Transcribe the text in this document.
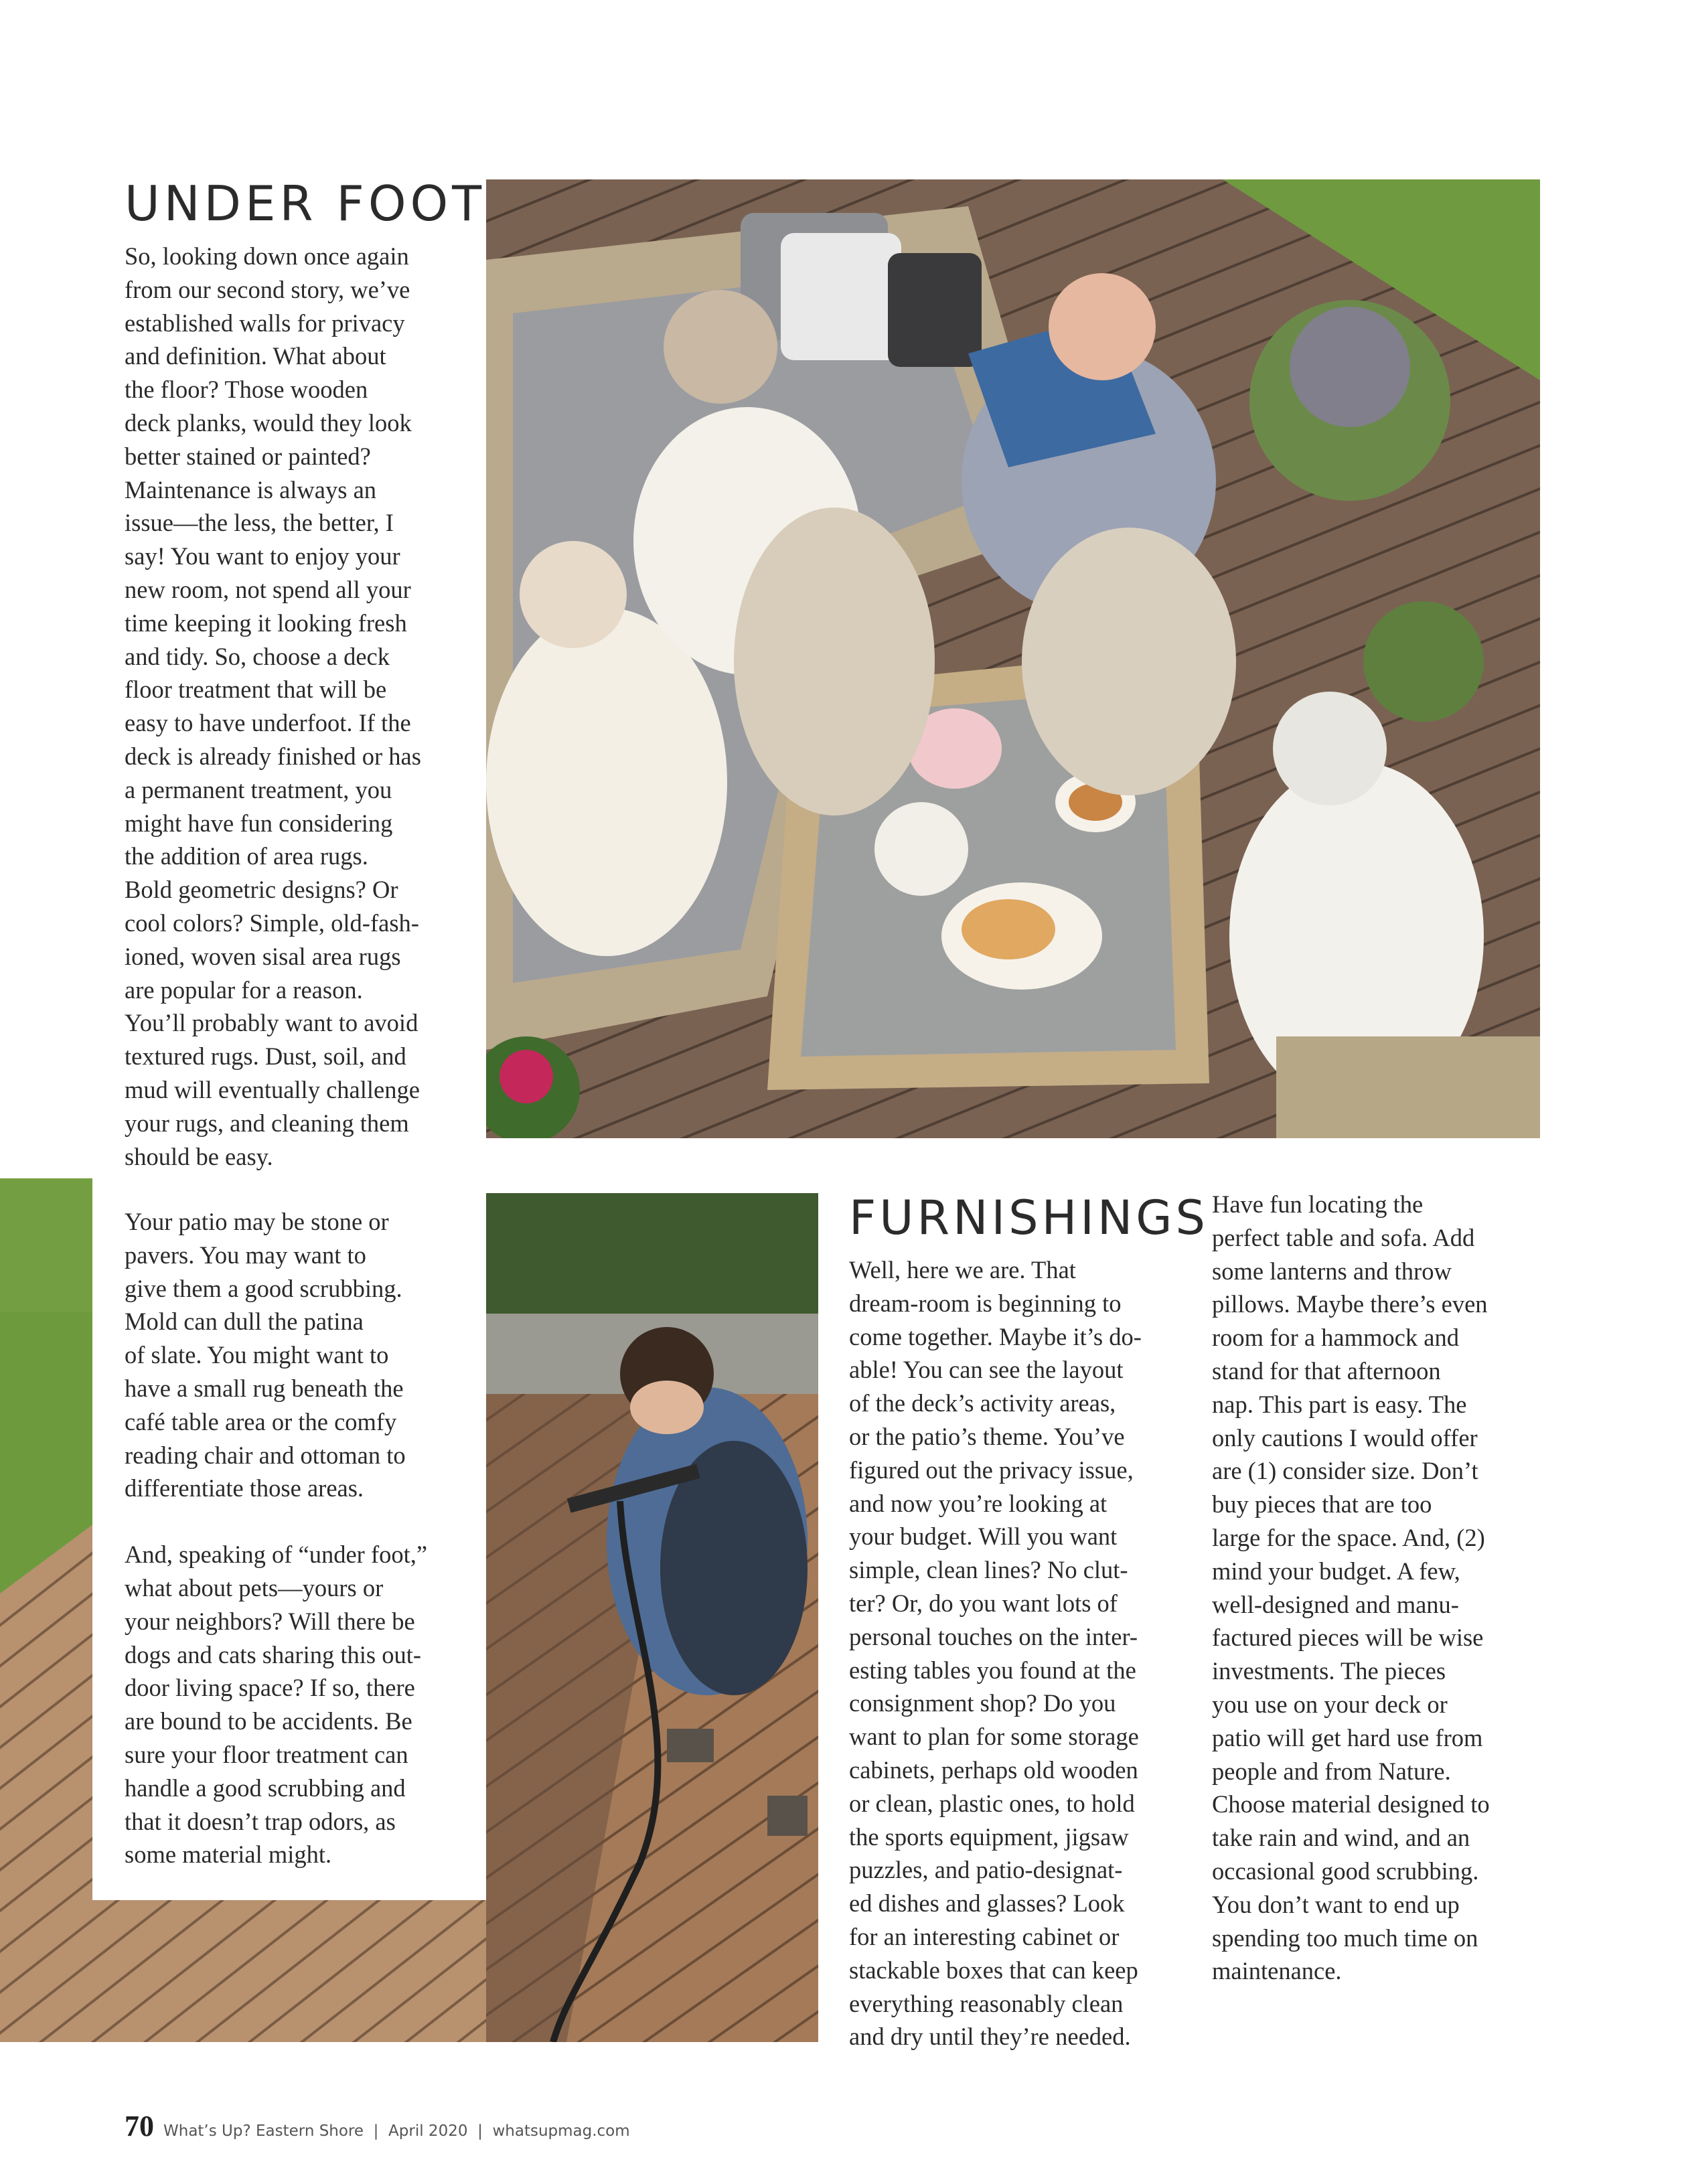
UNDER FOOT

So, looking down once again
from our second story, we’ve
established walls for privacy
and definition. What about
the floor? Those wooden
deck planks, would they look
better stained or painted?
Maintenance is always an
issue—the less, the better, I
say! You want to enjoy your
new room, not spend all your
time keeping it looking fresh
and tidy. So, choose a deck
floor treatment that will be
easy to have underfoot. If the
deck is already finished or has
a permanent treatment, you
might have fun considering
the addition of area rugs.
Bold geometric designs? Or
cool colors? Simple, old-fash-
ioned, woven sisal area rugs
are popular for a reason.
You’ll probably want to avoid
textured rugs. Dust, soil, and
mud will eventually challenge
your rugs, and cleaning them
should be easy.

Your patio may be stone or
pavers. You may want to
give them a good scrubbing.
Mold can dull the patina
of slate. You might want to
have a small rug beneath the
café table area or the comfy
reading chair and ottoman to
differentiate those areas.

And, speaking of “under foot,”
what about pets—yours or
your neighbors? Will there be
dogs and cats sharing this out-
door living space? If so, there
are bound to be accidents. Be
sure your floor treatment can
handle a good scrubbing and
that it doesn’t trap odors, as
some material might.

FURNISHINGS

Well, here we are. That
dream-room is beginning to
come together. Maybe it’s do-
able! You can see the layout
of the deck’s activity areas,
or the patio’s theme. You’ve
figured out the privacy issue,
and now you’re looking at
your budget. Will you want
simple, clean lines? No clut-
ter? Or, do you want lots of
personal touches on the inter-
esting tables you found at the
consignment shop? Do you
want to plan for some storage
cabinets, perhaps old wooden
or clean, plastic ones, to hold
the sports equipment, jigsaw
puzzles, and patio-designat-
ed dishes and glasses? Look
for an interesting cabinet or
stackable boxes that can keep
everything reasonably clean
and dry until they’re needed.

Have fun locating the
perfect table and sofa. Add
some lanterns and throw
pillows. Maybe there’s even
room for a hammock and
stand for that afternoon
nap. This part is easy. The
only cautions I would offer
are (1) consider size. Don’t
buy pieces that are too
large for the space. And, (2)
mind your budget. A few,
well-designed and manu-
factured pieces will be wise
investments. The pieces
you use on your deck or
patio will get hard use from
people and from Nature.
Choose material designed to
take rain and wind, and an
occasional good scrubbing.
You don’t want to end up
spending too much time on
maintenance.

70 What’s Up? Eastern Shore  |  April 2020  |  whatsupmag.com
